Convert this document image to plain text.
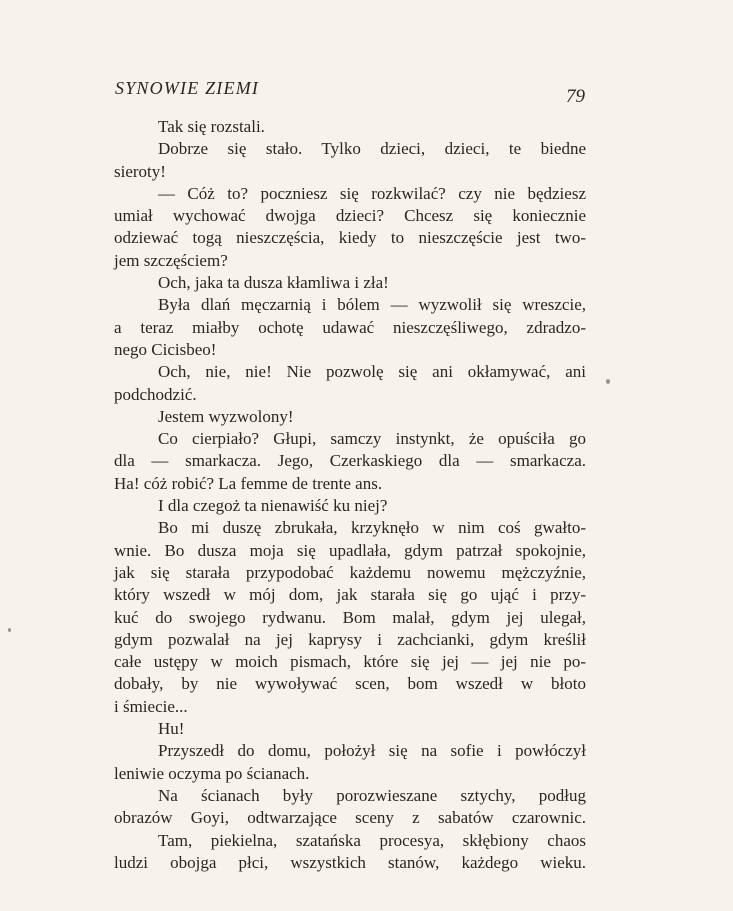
SYNOWIE ZIEMI	79
Tak się rozstali.
Dobrze się stało. Tylko dzieci, dzieci, te biedne
sieroty!
— Cóż to? poczniesz się rozkwilać? czy nie będziesz
umiał wychować dwojga dzieci? Chcesz się koniecznie
odziewać togą nieszczęścia, kiedy to nieszczęście jest two-
jem szczęściem?
Och, jaka ta dusza kłamliwa i zła!
Była dlań męczarnią i bólem — wyzwolił się wreszcie,
a teraz miałby ochotę udawać nieszczęśliwego, zdradzo-
nego Cicisbeo!
Och, nie, nie! Nie pozwolę się ani okłamywać, ani
podchodzić.
Jestem wyzwolony!
Co cierpiało? Głupi, samczy instynkt, że opuściła go
dla — smarkacza. Jego, Czerkaskiego dla — smarkacza.
Ha! cóż robić? La femme de trente ans.
I dla czegoż ta nienawiść ku niej?
Bo mi duszę zbrukała, krzyknęło w nim coś gwałto-
wnie. Bo dusza moja się upadlała, gdym patrzał spokojnie,
jak się starała przypodobać każdemu nowemu mężczyźnie,
który wszedł w mój dom, jak starała się go ująć i przy-
kuć do swojego rydwanu. Bom malał, gdym jej ulegał,
gdym pozwalał na jej kaprysy i zachcianki, gdym kreślił
całe ustępy w moich pismach, które się jej — jej nie po-
dobały, by nie wywoływać scen, bom wszedł w błoto
i śmiecie...
Hu!
Przyszedł do domu, położył się na sofie i powłóczył
leniwie oczyma po ścianach.
Na ścianach były porozwieszane sztychy, podług
obrazów Goyi, odtwarzające sceny z sabatów czarownic.
Tam, piekielna, szatańska procesya, skłębiony chaos
ludzi obojga płci, wszystkich stanów, każdego wieku.
